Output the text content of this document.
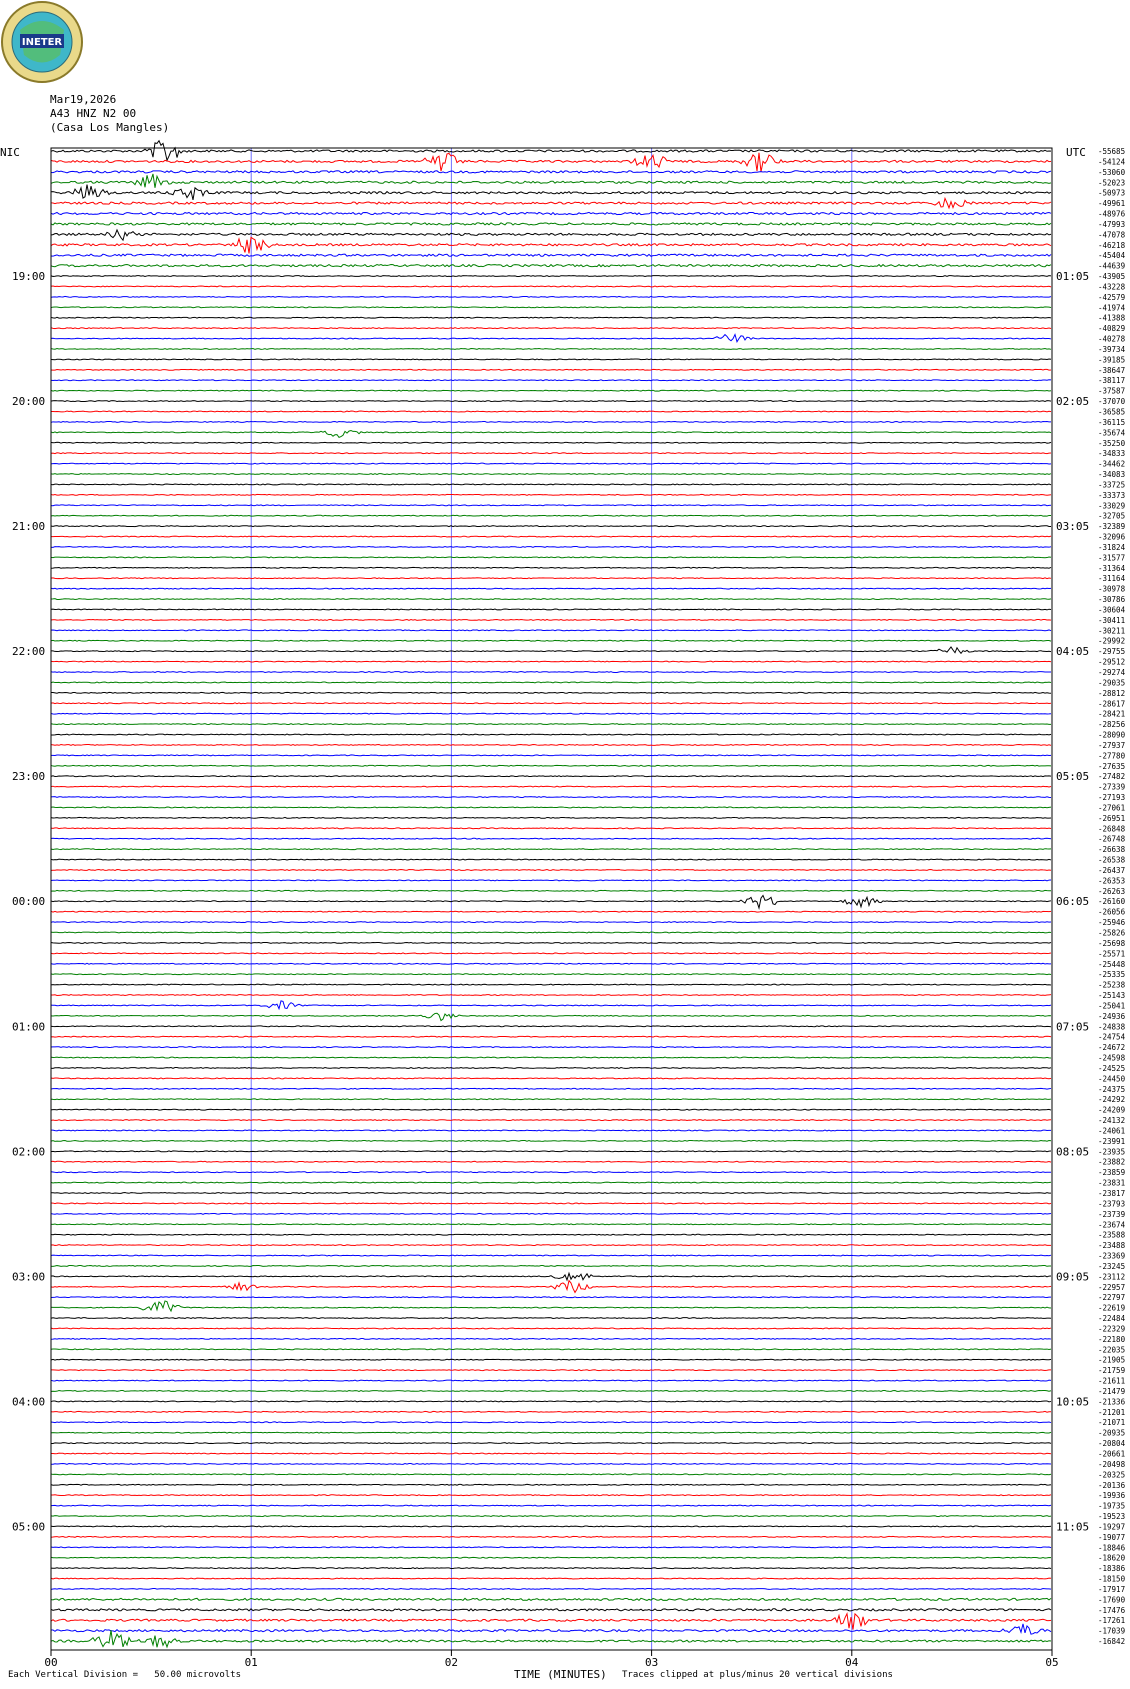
INETER
Mar19,2026
A43 HNZ N2 00
(Casa Los Mangles)
19:00
20:00
21:00
22:00
23:00
00:00
01:00
02:00
03:00
04:00
05:00
01:05
02:05
03:05
04:05
05:05
06:05
07:05
08:05
09:05
10:05
11:05
-55685
-54124
-53060
-52023
-50973
-49961
-48976
-47993
-47078
-46218
-45404
-44639
-43905
-43228
-42579
-41974
-41388
-40829
-40278
-39734
-39185
-38647
-38117
-37587
-37070
-36585
-36115
-35674
-35250
-34833
-34462
-34083
-33725
-33373
-33029
-32705
-32389
-32096
-31824
-31577
-31364
-31164
-30978
-30786
-30604
-30411
-30211
-29992
-29755
-29512
-29274
-29035
-28812
-28617
-28421
-28256
-28090
-27937
-27780
-27635
-27482
-27339
-27193
-27061
-26951
-26848
-26748
-26638
-26538
-26437
-26353
-26263
-26160
-26056
-25946
-25826
-25698
-25571
-25448
-25335
-25238
-25143
-25041
-24936
-24838
-24754
-24672
-24598
-24525
-24450
-24375
-24292
-24209
-24132
-24061
-23991
-23935
-23882
-23859
-23831
-23817
-23793
-23739
-23674
-23588
-23488
-23369
-23245
-23112
-22957
-22797
-22619
-22484
-22329
-22180
-22035
-21905
-21759
-21611
-21479
-21336
-21201
-21071
-20935
-20804
-20661
-20498
-20325
-20136
-19936
-19735
-19523
-19297
-19077
-18846
-18620
-18386
-18150
-17917
-17690
-17476
-17261
-17039
-16842
00	01	02	03	04	05
NIC	UTC
Each Vertical Division =   50.00 microvolts	TIME (MINUTES) Traces clipped at plus/minus 20 vertical divisions
